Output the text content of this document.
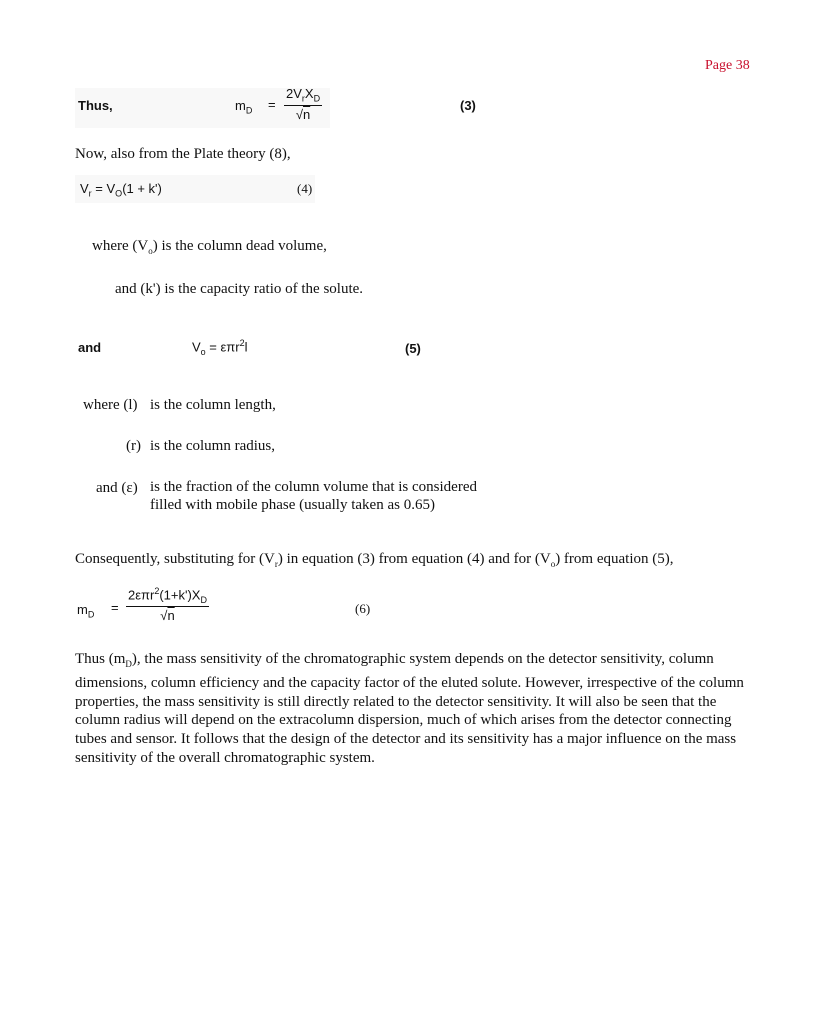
Page 38
Thus,	$m_D = \frac{2V_rX_D}{√n}$	(3)
Now, also from the Plate theory (8),
$V_r = V_O(1 + k')$	(4)
where $(V_o)$ is the column dead volume,
and (k') is the capacity ratio of the solute.
and	$V_o = \varepsilon\pi r^2l$	(5)
where (l) is the column length,
(r) is the column radius,
and (ε) is the fraction of the column volume that is considered
filled with mobile phase (usually taken as 0.65)
Consequently, substituting for $(V_r)$ in equation (3) from equation (4) and for $(V_o)$ from equation (5),
$m_D = \frac{2\varepsilon\pi r^2(1+k')X_D}{√n}$	(6)
Thus $(m_D)$, the mass sensitivity of the chromatographic system depends on the detector sensitivity, column dimensions, column efficiency and the capacity factor of the eluted solute. However, irrespective of the column properties, the mass sensitivity is still directly related to the detector sensitivity. It will also be seen that the column radius will depend on the extracolumn dispersion, much of which arises from the detector connecting tubes and sensor. It follows that the design of the detector and its sensitivity has a major influence on the mass sensitivity of the overall chromatographic system.
